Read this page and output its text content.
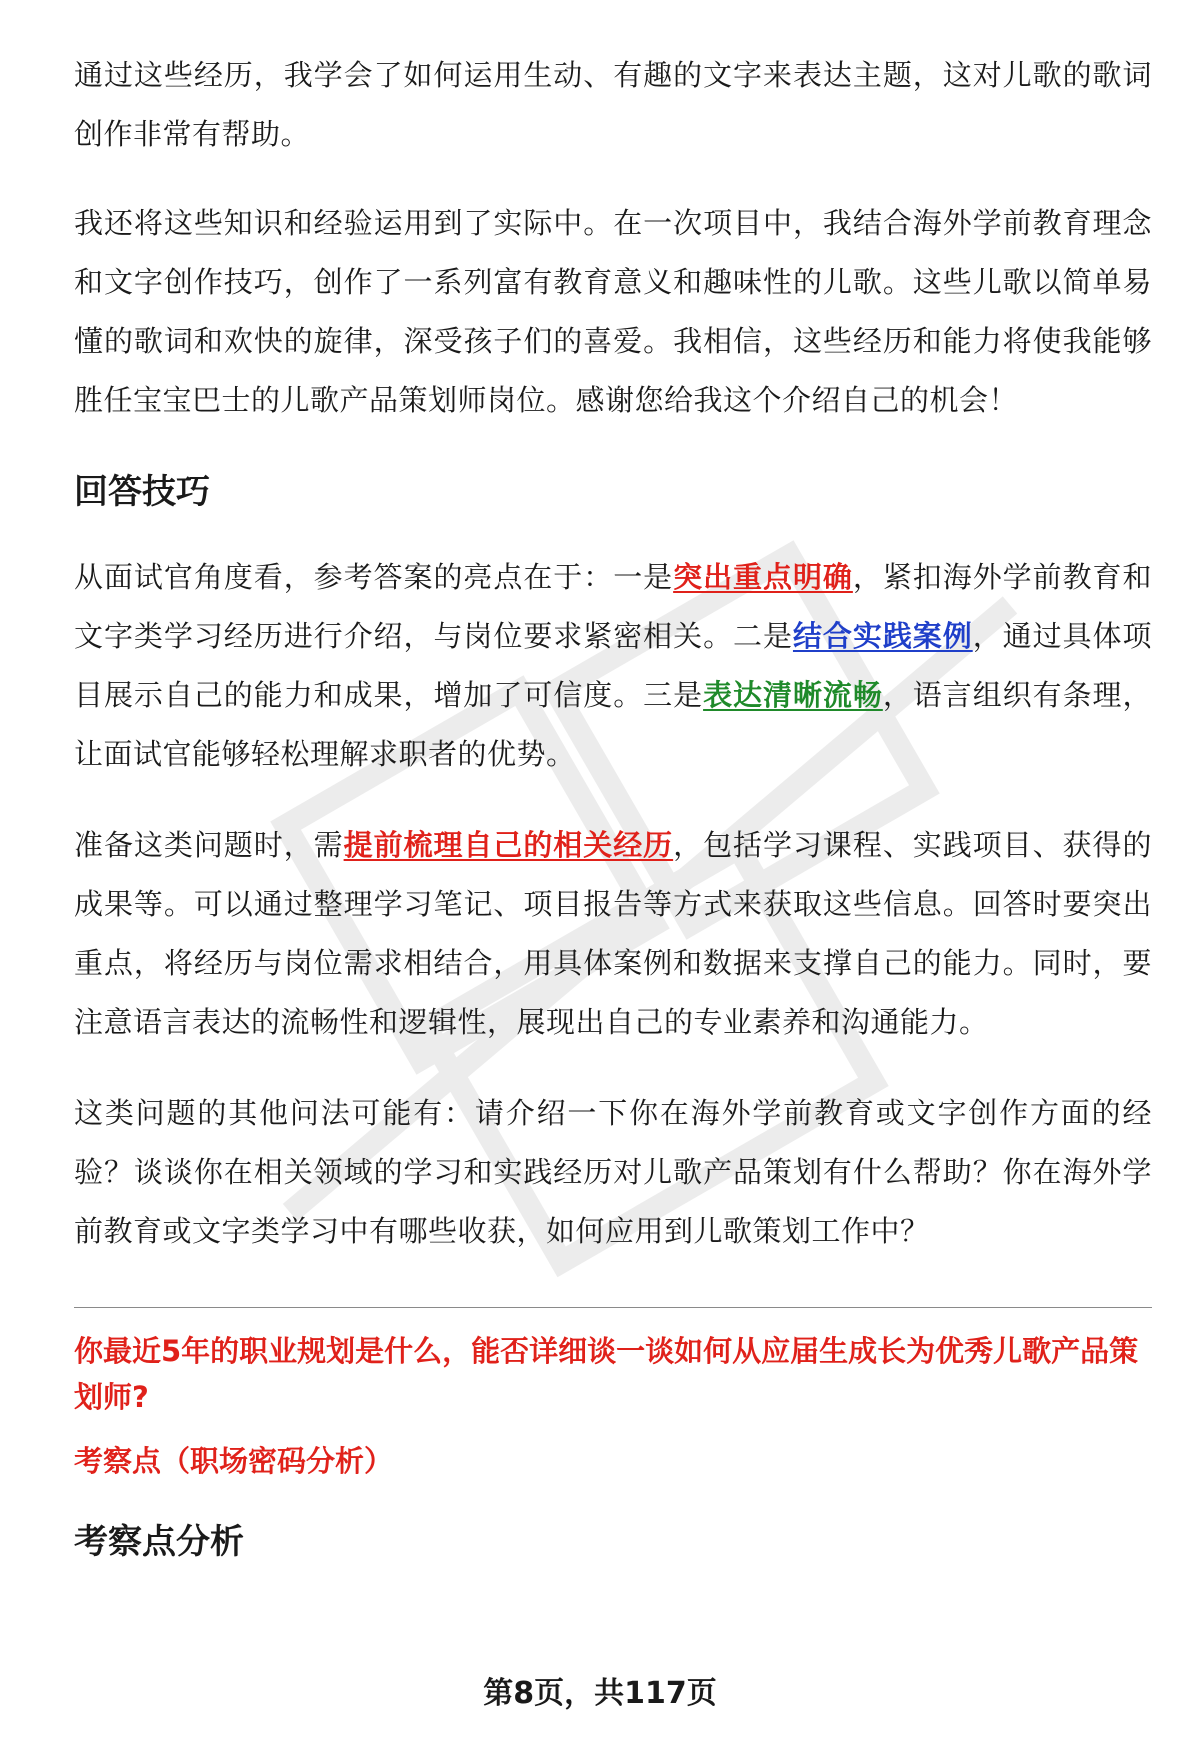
通过这些经历，我学会了如何运用生动、有趣的文字来表达主题，这对儿歌的歌词创作非常有帮助。

我还将这些知识和经验运用到了实际中。在一次项目中，我结合海外学前教育理念和文字创作技巧，创作了一系列富有教育意义和趣味性的儿歌。这些儿歌以简单易懂的歌词和欢快的旋律，深受孩子们的喜爱。我相信，这些经历和能力将使我能够胜任宝宝巴士的儿歌产品策划师岗位。感谢您给我这个介绍自己的机会！

回答技巧

从面试官角度看，参考答案的亮点在于：一是突出重点明确，紧扣海外学前教育和文字类学习经历进行介绍，与岗位要求紧密相关。二是结合实践案例，通过具体项目展示自己的能力和成果，增加了可信度。三是表达清晰流畅，语言组织有条理，让面试官能够轻松理解求职者的优势。

准备这类问题时，需提前梳理自己的相关经历，包括学习课程、实践项目、获得的成果等。可以通过整理学习笔记、项目报告等方式来获取这些信息。回答时要突出重点，将经历与岗位需求相结合，用具体案例和数据来支撑自己的能力。同时，要注意语言表达的流畅性和逻辑性，展现出自己的专业素养和沟通能力。

这类问题的其他问法可能有：请介绍一下你在海外学前教育或文字创作方面的经验？谈谈你在相关领域的学习和实践经历对儿歌产品策划有什么帮助？你在海外学前教育或文字类学习中有哪些收获，如何应用到儿歌策划工作中？

你最近5年的职业规划是什么，能否详细谈一谈如何从应届生成长为优秀儿歌产品策划师?

考察点（职场密码分析）

考察点分析
第8页，共117页
